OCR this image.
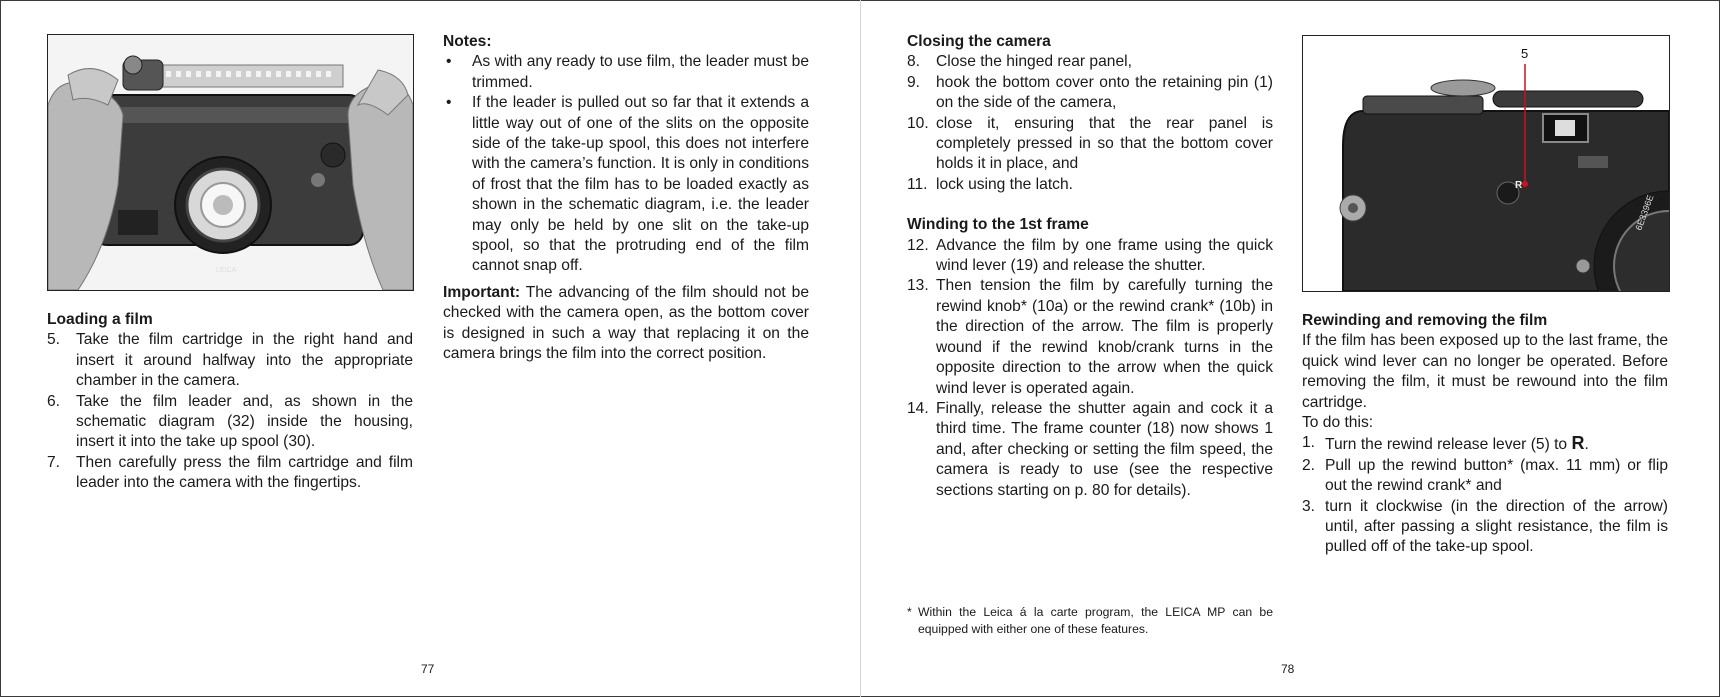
LEICA

Loading a film

5. Take the film cartridge in the right hand and insert it around halfway into the appropriate chamber in the camera.
6. Take the film leader and, as shown in the schematic diagram (32) inside the housing, insert it into the take up spool (30).
7. Then carefully press the film cartridge and film leader into the camera with the fingertips.

Notes:

• As with any ready to use film, the leader must be trimmed.
• If the leader is pulled out so far that it extends a little way out of one of the slits on the opposite side of the take-up spool, this does not interfere with the camera’s function. It is only in conditions of frost that the film has to be loaded exactly as shown in the schematic diagram, i.e. the leader may only be held by one slit on the take-up spool, so that the protruding end of the film cannot snap off.

Important: The advancing of the film should not be checked with the camera open, as the bottom cover is designed in such a way that replacing it on the camera brings the film into the correct position.

77

Closing the camera

8. Close the hinged rear panel,
9. hook the bottom cover onto the retaining pin (1) on the side of the camera,
10. close it, ensuring that the rear panel is completely pressed in so that the bottom cover holds it in place, and
11. lock using the latch.

Winding to the 1st frame

12. Advance the film by one frame using the quick wind lever (19) and release the shutter.
13. Then tension the film by carefully turning the rewind knob* (10a) or the rewind crank* (10b) in the direction of the arrow. The film is properly wound if the rewind knob/crank turns in the opposite direction to the arrow when the quick wind lever is operated again.
14. Finally, release the shutter again and cock it a third time. The frame counter (18) now shows 1 and, after checking or setting the film speed, the camera is ready to use (see the respective sections starting on p. 80 for details).
* Within the Leica á la carte program, the LEICA MP can be equipped with either one of these features.
R
6E3396E
5

Rewinding and removing the film

If the film has been exposed up to the last frame, the quick wind lever can no longer be operated. Before removing the film, it must be rewound into the film cartridge.

To do this:

1. Turn the rewind release lever (5) to R.
2. Pull up the rewind button* (max. 11 mm) or flip out the rewind crank* and
3. turn it clockwise (in the direction of the arrow) until, after passing a slight resistance, the film is pulled off of the take-up spool.
78
